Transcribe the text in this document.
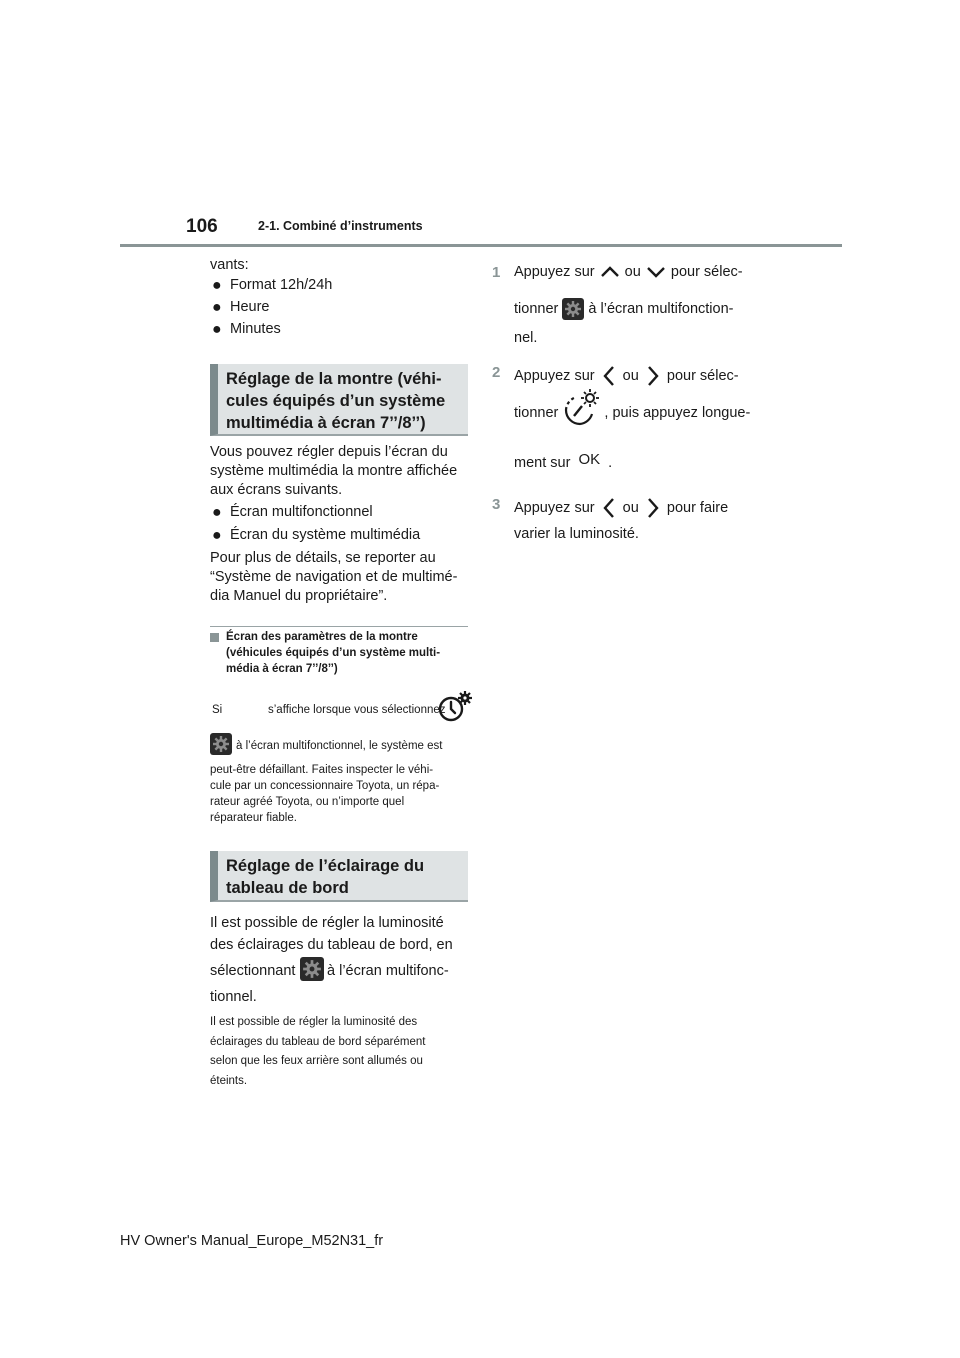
106	2-1. Combiné d’instruments
vants:
● Format 12h/24h
● Heure
● Minutes
Réglage de la montre (véhi-
cules équipés d’un système
multimédia à écran 7’’/8’’)
Vous pouvez régler depuis l’écran du
système multimédia la montre affichée
aux écrans suivants.
● Écran multifonctionnel
● Écran du système multimédia
Pour plus de détails, se reporter au
“Système de navigation et de multimé-
dia Manuel du propriétaire”.
Écran des paramètres de la montre
(véhicules équipés d’un système multi-
média à écran 7’’/8’’)
Si	s’affiche lorsque vous sélectionnez
à l’écran multifonctionnel, le système est
peut-être défaillant. Faites inspecter le véhi-
cule par un concessionnaire Toyota, un répa-
rateur agréé Toyota, ou n’importe quel
réparateur fiable.
Réglage de l’éclairage du
tableau de bord
Il est possible de régler la luminosité
des éclairages du tableau de bord, en
sélectionnant à l’écran multifonc-
tionnel.
Il est possible de régler la luminosité des
éclairages du tableau de bord séparément
selon que les feux arrière sont allumés ou
éteints.
1 Appuyez sur ou pour sélec-
tionner à l’écran multifonction-
nel.
2 Appuyez sur ou pour sélec-
tionner	, puis appuyez longue-
ment sur OK .
3 Appuyez sur ou pour faire
varier la luminosité.
HV Owner's Manual_Europe_M52N31_fr
